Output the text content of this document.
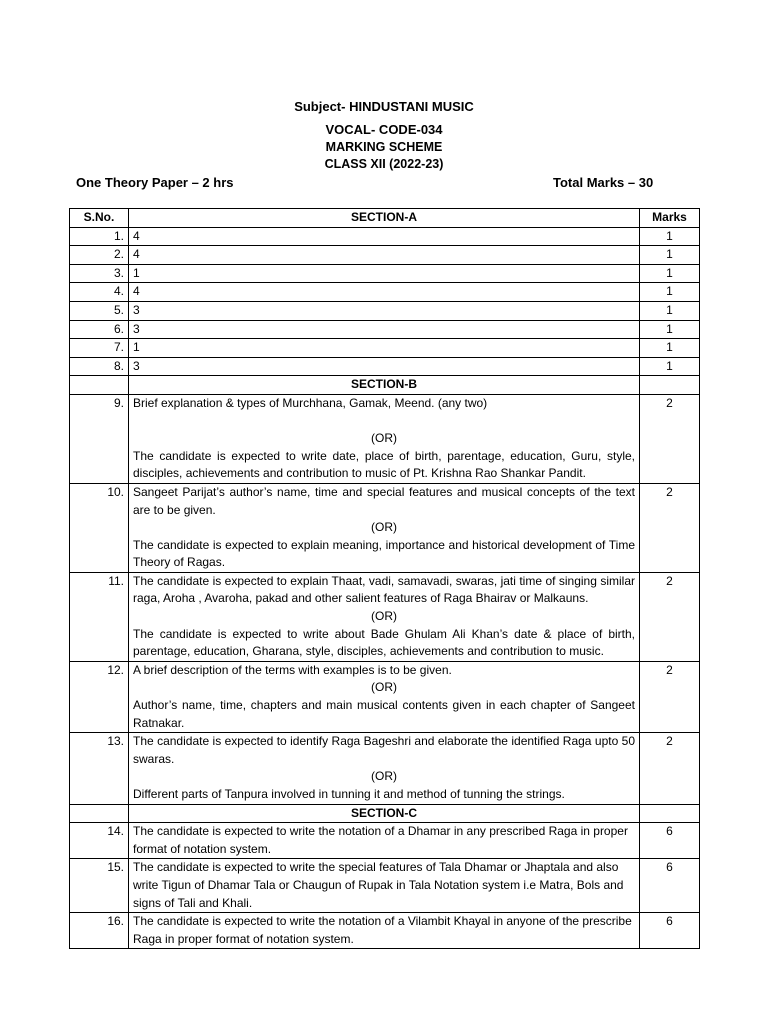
Subject- HINDUSTANI MUSIC
VOCAL- CODE-034
MARKING SCHEME
CLASS XII (2022-23)
One Theory Paper – 2 hrs	Total Marks – 30
S.No.	SECTION-A	Marks
1.	4	1
2.	4	1
3.	1	1
4.	4	1
5.	3	1
6.	3	1
7.	1	1
8.	3	1
	SECTION-B	
9.	Brief explanation & types of Murchhana, Gamak, Meend. (any two)
(OR)
The candidate is expected to write date, place of birth, parentage, education, Guru, style, disciples, achievements and contribution to music of Pt. Krishna Rao Shankar Pandit.	2
10.	Sangeet Parijat’s author’s name, time and special features and musical concepts of the text are to be given.
(OR)
The candidate is expected to explain meaning, importance and historical development of Time Theory of Ragas.	2
11.	The candidate is expected to explain Thaat, vadi, samavadi, swaras, jati time of singing similar raga, Aroha , Avaroha, pakad and other salient features of Raga Bhairav or Malkauns.
(OR)
The candidate is expected to write about Bade Ghulam Ali Khan’s date & place of birth, parentage, education, Gharana, style, disciples, achievements and contribution to music.	2
12.	A brief description of the terms with examples is to be given.
(OR)
Author’s name, time, chapters and main musical contents given in each chapter of Sangeet Ratnakar.	2
13.	The candidate is expected to identify Raga Bageshri and elaborate the identified Raga upto 50 swaras.
(OR)
Different parts of Tanpura involved in tunning it and method of tunning the strings.	2
	SECTION-C	
14.	The candidate is expected to write the notation of a Dhamar in any prescribed Raga in proper format of notation system.	6
15.	The candidate is expected to write the special features of Tala Dhamar or Jhaptala and also write Tigun of Dhamar Tala or Chaugun of Rupak in Tala Notation system i.e Matra, Bols and signs of Tali and Khali.	6
16.	The candidate is expected to write the notation of a Vilambit Khayal in anyone of the prescribe Raga in proper format of notation system.	6
